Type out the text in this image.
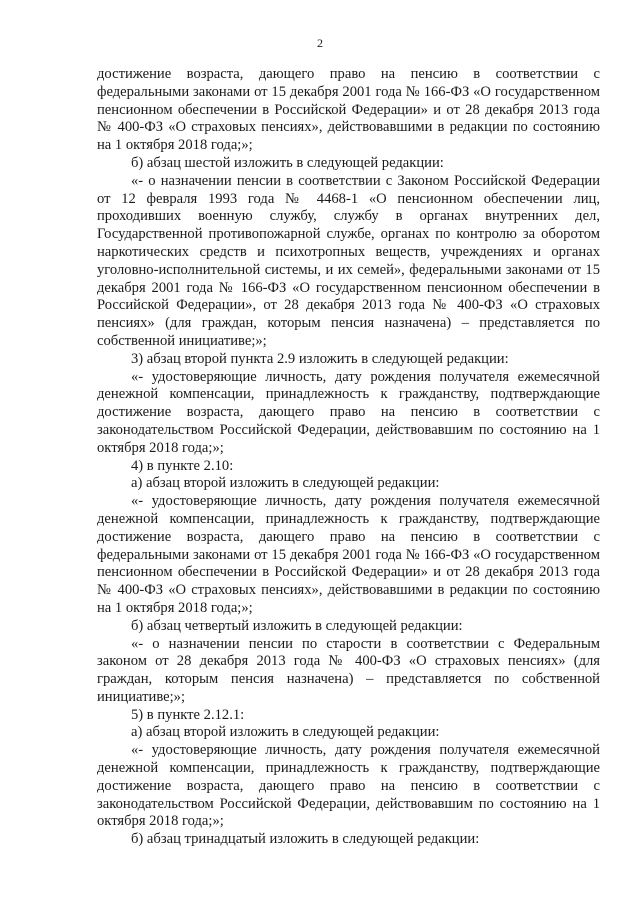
2

достижение возраста, дающего право на пенсию в соответствии с федеральными законами от 15 декабря 2001 года № 166-ФЗ «О государственном пенсионном обеспечении в Российской Федерации» и от 28 декабря 2013 года № 400-ФЗ «О страховых пенсиях», действовавшими в редакции по состоянию на 1 октября 2018 года;»;

б) абзац шестой изложить в следующей редакции:

«- о назначении пенсии в соответствии с Законом Российской Федерации от 12 февраля 1993 года № 4468-1 «О пенсионном обеспечении лиц, проходивших военную службу, службу в органах внутренних дел, Государственной противопожарной службе, органах по контролю за оборотом наркотических средств и психотропных веществ, учреждениях и органах уголовно-исполнительной системы, и их семей», федеральными законами от 15 декабря 2001 года № 166-ФЗ «О государственном пенсионном обеспечении в Российской Федерации», от 28 декабря 2013 года № 400-ФЗ «О страховых пенсиях» (для граждан, которым пенсия назначена) – представляется по собственной инициативе;»;

3) абзац второй пункта 2.9 изложить в следующей редакции:

«- удостоверяющие личность, дату рождения получателя ежемесячной денежной компенсации, принадлежность к гражданству, подтверждающие достижение возраста, дающего право на пенсию в соответствии с законодательством Российской Федерации, действовавшим по состоянию на 1 октября 2018 года;»;

4) в пункте 2.10:

а) абзац второй изложить в следующей редакции:

«- удостоверяющие личность, дату рождения получателя ежемесячной денежной компенсации, принадлежность к гражданству, подтверждающие достижение возраста, дающего право на пенсию в соответствии с федеральными законами от 15 декабря 2001 года № 166-ФЗ «О государственном пенсионном обеспечении в Российской Федерации» и от 28 декабря 2013 года № 400-ФЗ «О страховых пенсиях», действовавшими в редакции по состоянию на 1 октября 2018 года;»;

б) абзац четвертый изложить в следующей редакции:

«- о назначении пенсии по старости в соответствии с Федеральным законом от 28 декабря 2013 года № 400-ФЗ «О страховых пенсиях» (для граждан, которым пенсия назначена) – представляется по собственной инициативе;»;

5) в пункте 2.12.1:

а) абзац второй изложить в следующей редакции:

«- удостоверяющие личность, дату рождения получателя ежемесячной денежной компенсации, принадлежность к гражданству, подтверждающие достижение возраста, дающего право на пенсию в соответствии с законодательством Российской Федерации, действовавшим по состоянию на 1 октября 2018 года;»;

б) абзац тринадцатый изложить в следующей редакции:
